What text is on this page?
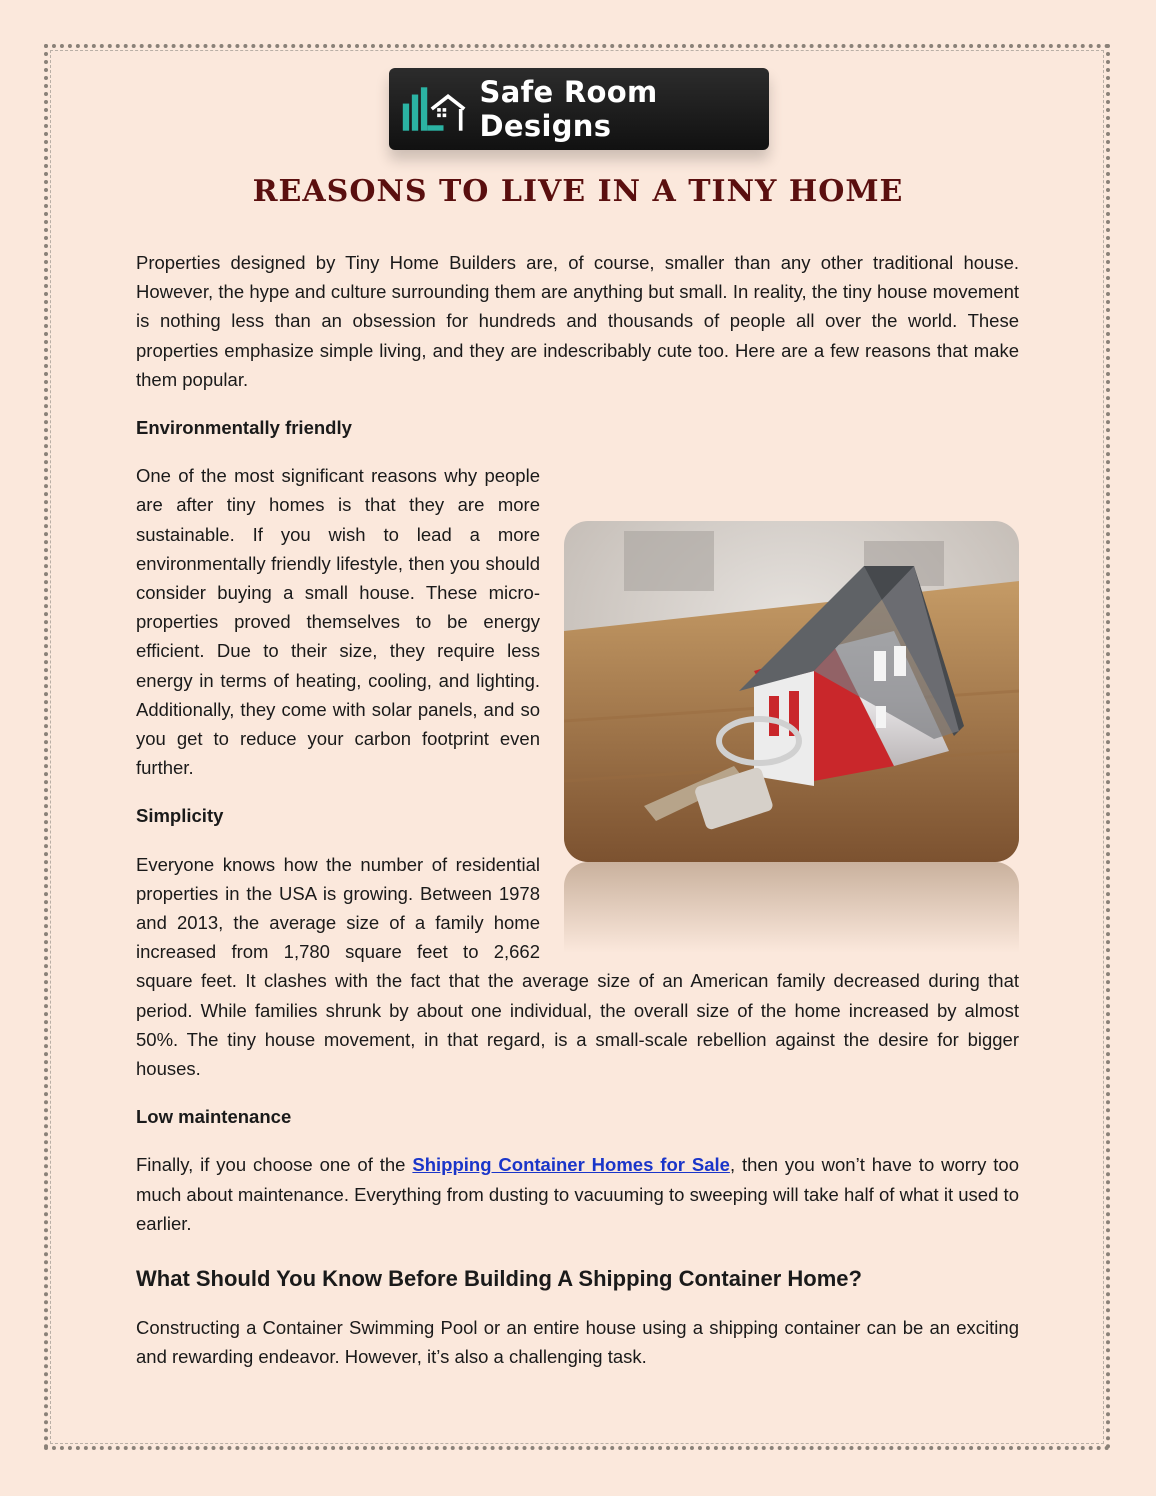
Safe Room Designs
REASONS TO LIVE IN A TINY HOME

Properties designed by Tiny Home Builders are, of course, smaller than any other traditional house. However, the hype and culture surrounding them are anything but small. In reality, the tiny house movement is nothing less than an obsession for hundreds and thousands of people all over the world. These properties emphasize simple living, and they are indescribably cute too. Here are a few reasons that make them popular.

Environmentally friendly

One of the most significant reasons why people are after tiny homes is that they are more sustainable. If you wish to lead a more environmentally friendly lifestyle, then you should consider buying a small house. These micro-properties proved themselves to be energy efficient. Due to their size, they require less energy in terms of heating, cooling, and lighting. Additionally, they come with solar panels, and so you get to reduce your carbon footprint even further.

Simplicity

Everyone knows how the number of residential properties in the USA is growing. Between 1978 and 2013, the average size of a family home increased from 1,780 square feet to 2,662 square feet. It clashes with the fact that the average size of an American family decreased during that period. While families shrunk by about one individual, the overall size of the home increased by almost 50%. The tiny house movement, in that regard, is a small-scale rebellion against the desire for bigger houses.

Low maintenance

Finally, if you choose one of the Shipping Container Homes for Sale, then you won’t have to worry too much about maintenance. Everything from dusting to vacuuming to sweeping will take half of what it used to earlier.

What Should You Know Before Building A Shipping Container Home?

Constructing a Container Swimming Pool or an entire house using a shipping container can be an exciting and rewarding endeavor. However, it’s also a challenging task.
